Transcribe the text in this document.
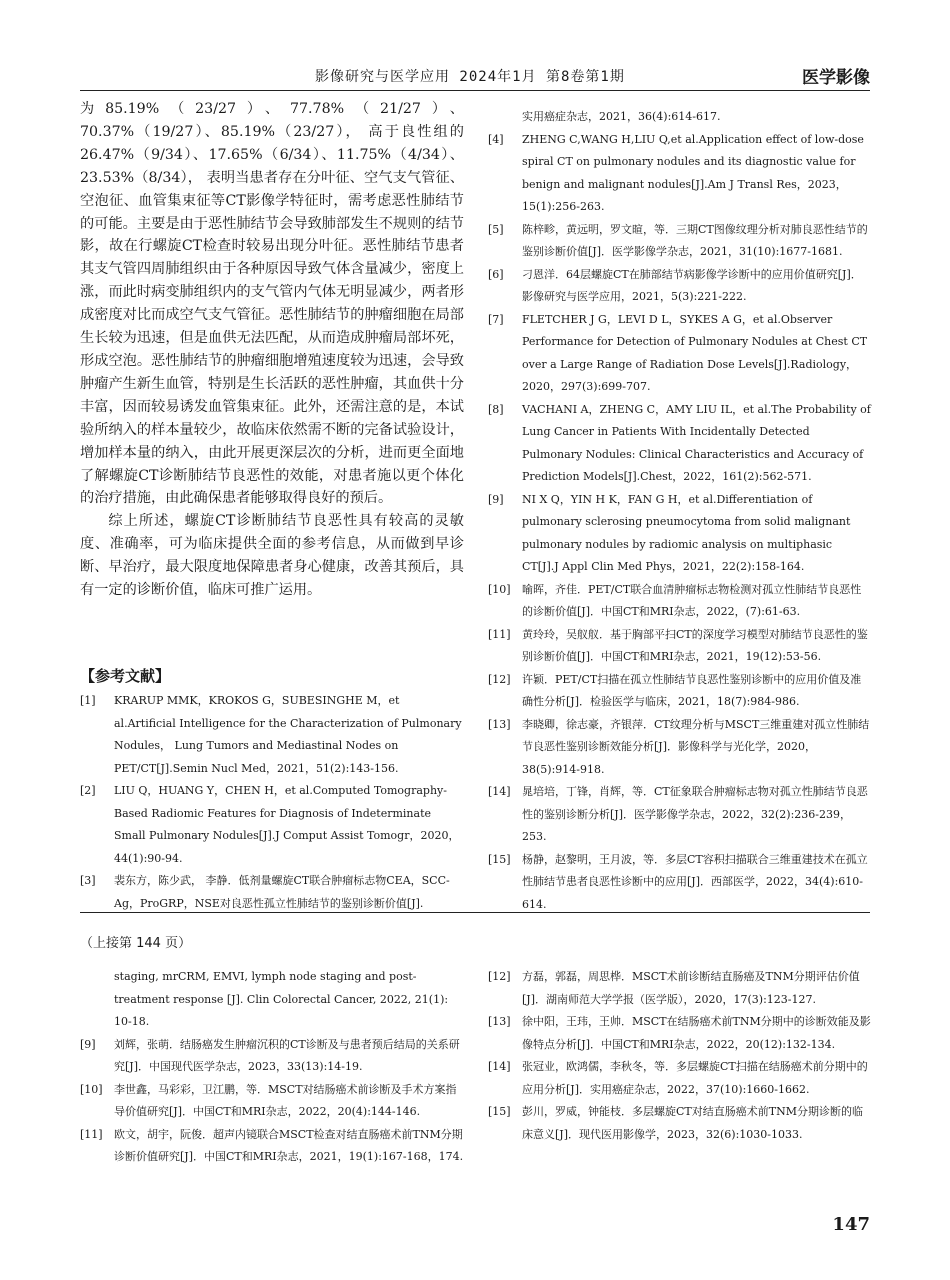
影像研究与医学应用 2024年1月 第8卷第1期	医学影像

为85.19%（23/27）、77.78%（21/27）、70.37%（19/27）、85.19%（23/27）， 高于良性组的26.47%（9/34）、17.65%（6/34）、11.75%（4/34）、23.53%（8/34）， 表明当患者存在分叶征、空气支气管征、空泡征、血管集束征等CT影像学特征时，需考虑恶性肺结节的可能。主要是由于恶性肺结节会导致肺部发生不规则的结节影，故在行螺旋CT检查时较易出现分叶征。恶性肺结节患者其支气管四周肺组织由于各种原因导致气体含量减少，密度上涨，而此时病变肺组织内的支气管内气体无明显减少，两者形成密度对比而成空气支气管征。恶性肺结节的肿瘤细胞在局部生长较为迅速，但是血供无法匹配，从而造成肿瘤局部坏死，形成空泡。恶性肺结节的肿瘤细胞增殖速度较为迅速，会导致肿瘤产生新生血管，特别是生长活跃的恶性肿瘤，其血供十分丰富，因而较易诱发血管集束征。此外，还需注意的是，本试验所纳入的样本量较少，故临床依然需不断的完备试验设计，增加样本量的纳入，由此开展更深层次的分析，进而更全面地了解螺旋CT诊断肺结节良恶性的效能，对患者施以更个体化的治疗措施，由此确保患者能够取得良好的预后。

综上所述，螺旋CT诊断肺结节良恶性具有较高的灵敏度、准确率，可为临床提供全面的参考信息，从而做到早诊断、早治疗，最大限度地保障患者身心健康，改善其预后，具有一定的诊断价值，临床可推广运用。

【参考文献】
[1] KRARUP MMK，KROKOS G，SUBESINGHE M，et al.Artificial Intelligence for the Characterization of Pulmonary Nodules， Lung Tumors and Mediastinal Nodes on PET/CT[J].Semin Nucl Med，2021，51(2):143-156.
[2] LIU Q，HUANG Y，CHEN H，et al.Computed Tomography-Based Radiomic Features for Diagnosis of Indeterminate Small Pulmonary Nodules[J].J Comput Assist Tomogr，2020，44(1):90-94.
[3] 裴东方，陈少武， 李静．低剂量螺旋CT联合肿瘤标志物CEA，SCC-Ag，ProGRP，NSE对良恶性孤立性肺结节的鉴别诊断价值[J].
实用癌症杂志，2021，36(4):614-617.
[4] ZHENG C,WANG H,LIU Q,et al.Application effect of low-dose spiral CT on pulmonary nodules and its diagnostic value for benign and malignant nodules[J].Am J Transl Res，2023，15(1):256-263.
[5] 陈梓畛，黄远明，罗文暄，等．三期CT图像纹理分析对肺良恶性结节的鉴别诊断价值[J]．医学影像学杂志，2021，31(10):1677-1681.
[6] 刁恩洋．64层螺旋CT在肺部结节病影像学诊断中的应用价值研究[J]．影像研究与医学应用，2021，5(3):221-222.
[7] FLETCHER J G，LEVI D L，SYKES A G，et al.Observer Performance for Detection of Pulmonary Nodules at Chest CT over a Large Range of Radiation Dose Levels[J].Radiology，2020，297(3):699-707.
[8] VACHANI A，ZHENG C，AMY LIU IL，et al.The Probability of Lung Cancer in Patients With Incidentally Detected Pulmonary Nodules: Clinical Characteristics and Accuracy of Prediction Models[J].Chest，2022，161(2):562-571.
[9] NI X Q，YIN H K，FAN G H，et al.Differentiation of pulmonary sclerosing pneumocytoma from solid malignant pulmonary nodules by radiomic analysis on multiphasic CT[J].J Appl Clin Med Phys，2021，22(2):158-164.
[10] 喻晖，齐佳．PET/CT联合血清肿瘤标志物检测对孤立性肺结节良恶性的诊断价值[J]．中国CT和MRI杂志，2022，(7):61-63.
[11] 黄玲玲，吴舣舣．基于胸部平扫CT的深度学习模型对肺结节良恶性的鉴别诊断价值[J]．中国CT和MRI杂志，2021，19(12):53-56.
[12] 许颖．PET/CT扫描在孤立性肺结节良恶性鉴别诊断中的应用价值及准确性分析[J]．检验医学与临床，2021，18(7):984-986.
[13] 李晓卿，徐志豪，齐银萍．CT纹理分析与MSCT三维重建对孤立性肺结节良恶性鉴别诊断效能分析[J]．影像科学与光化学，2020，38(5):914-918.
[14] 晁培培，丁锋，肖辉，等．CT征象联合肿瘤标志物对孤立性肺结节良恶性的鉴别诊断分析[J]．医学影像学杂志，2022，32(2):236-239，253.
[15] 杨静，赵黎明，王月波，等．多层CT容积扫描联合三维重建技术在孤立性肺结节患者良恶性诊断中的应用[J]．西部医学，2022，34(4):610-614.
（上接第 144 页）
staging, mrCRM, EMVI, lymph node staging and post-treatment response [J]. Clin Colorectal Cancer, 2022, 21(1): 10-18.
[9] 刘辉，张萌．结肠癌发生肿瘤沉积的CT诊断及与患者预后结局的关系研究[J]．中国现代医学杂志，2023，33(13):14-19.
[10] 李世鑫，马彩彩，卫江鹏，等．MSCT对结肠癌术前诊断及手术方案指导价值研究[J]．中国CT和MRI杂志，2022，20(4):144-146.
[11] 欧文，胡宇，阮俊．超声内镜联合MSCT检查对结直肠癌术前TNM分期诊断价值研究[J]．中国CT和MRI杂志，2021，19(1):167-168，174.
[12] 方磊，郭磊，周思桦．MSCT术前诊断结直肠癌及TNM分期评估价值[J]．湖南师范大学学报（医学版），2020，17(3):123-127.
[13] 徐中阳，王玮，王帅．MSCT在结肠癌术前TNM分期中的诊断效能及影像特点分析[J]．中国CT和MRI杂志，2022，20(12):132-134.
[14] 张冠业，欧鸿儒，李秋冬，等．多层螺旋CT扫描在结肠癌术前分期中的应用分析[J]．实用癌症杂志，2022，37(10):1660-1662.
[15] 彭川，罗威，钟能枝．多层螺旋CT对结直肠癌术前TNM分期诊断的临床意义[J]．现代医用影像学，2023，32(6):1030-1033.
147
